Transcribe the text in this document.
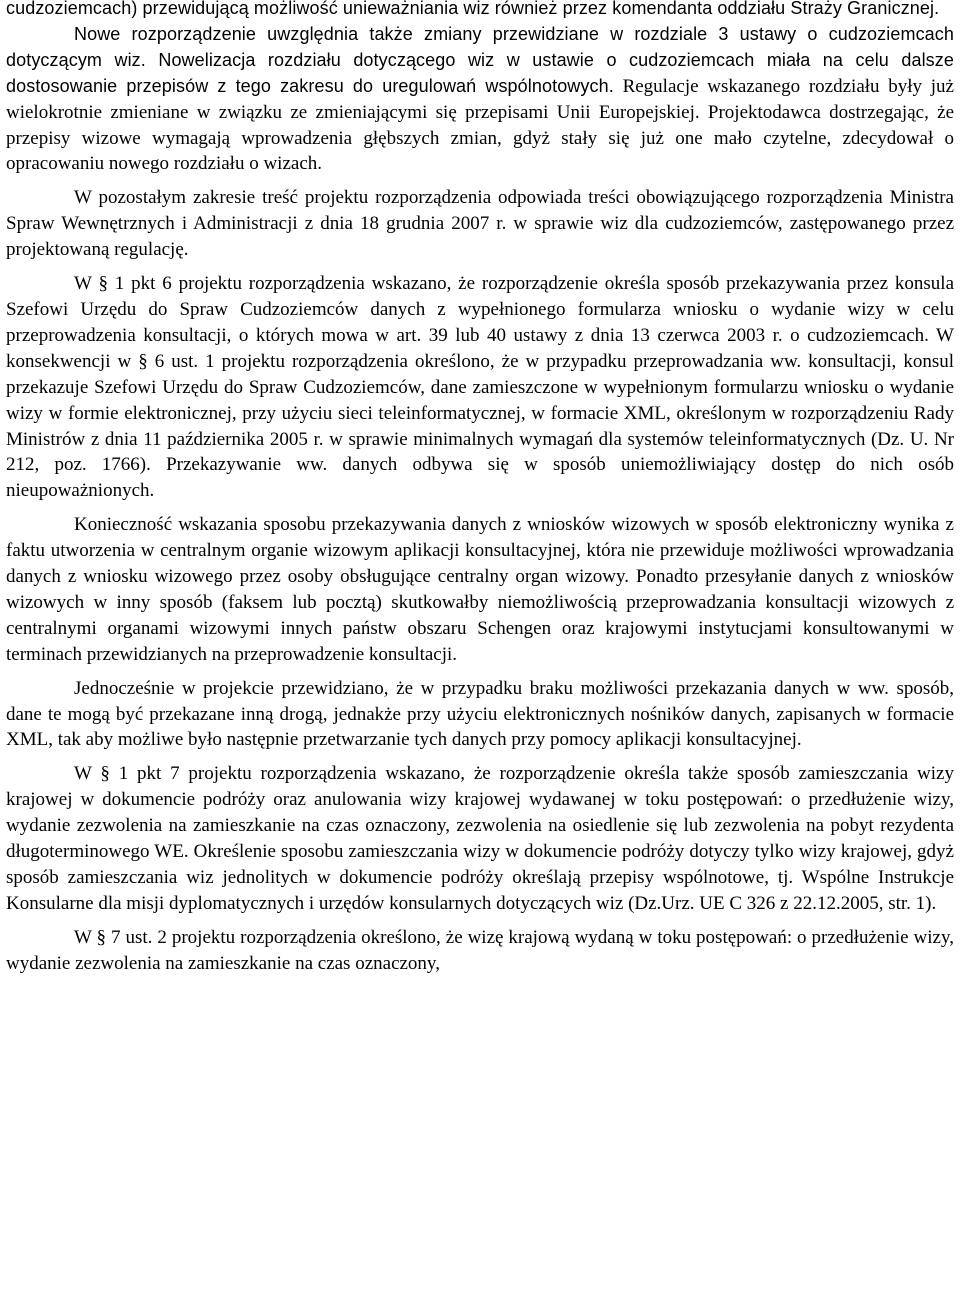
cudzoziemcach) przewidującą możliwość unieważniania wiz również przez komendanta oddziału Straży Granicznej.

Nowe rozporządzenie uwzględnia także zmiany przewidziane w rozdziale 3 ustawy o cudzoziemcach dotyczącym wiz. Nowelizacja rozdziału dotyczącego wiz w ustawie o cudzoziemcach miała na celu dalsze dostosowanie przepisów z tego zakresu do uregulowań wspólnotowych. Regulacje wskazanego rozdziału były już wielokrotnie zmieniane w związku ze zmieniającymi się przepisami Unii Europejskiej. Projektodawca dostrzegając, że przepisy wizowe wymagają wprowadzenia głębszych zmian, gdyż stały się już one mało czytelne, zdecydował o opracowaniu nowego rozdziału o wizach.

W pozostałym zakresie treść projektu rozporządzenia odpowiada treści obowiązującego rozporządzenia Ministra Spraw Wewnętrznych i Administracji z dnia 18 grudnia 2007 r. w sprawie wiz dla cudzoziemców, zastępowanego przez projektowaną regulację.

W § 1 pkt 6 projektu rozporządzenia wskazano, że rozporządzenie określa sposób przekazywania przez konsula Szefowi Urzędu do Spraw Cudzoziemców danych z wypełnionego formularza wniosku o wydanie wizy w celu przeprowadzenia konsultacji, o których mowa w art. 39 lub 40 ustawy z dnia 13 czerwca 2003 r. o cudzoziemcach. W konsekwencji w § 6 ust. 1 projektu rozporządzenia określono, że w przypadku przeprowadzania ww. konsultacji, konsul przekazuje Szefowi Urzędu do Spraw Cudzoziemców, dane zamieszczone w wypełnionym formularzu wniosku o wydanie wizy w formie elektronicznej, przy użyciu sieci teleinformatycznej, w formacie XML, określonym w rozporządzeniu Rady Ministrów z dnia 11 października 2005 r. w sprawie minimalnych wymagań dla systemów teleinformatycznych (Dz. U. Nr 212, poz. 1766). Przekazywanie ww. danych odbywa się w sposób uniemożliwiający dostęp do nich osób nieupoważnionych.

Konieczność wskazania sposobu przekazywania danych z wniosków wizowych w sposób elektroniczny wynika z faktu utworzenia w centralnym organie wizowym aplikacji konsultacyjnej, która nie przewiduje możliwości wprowadzania danych z wniosku wizowego przez osoby obsługujące centralny organ wizowy. Ponadto przesyłanie danych z wniosków wizowych w inny sposób (faksem lub pocztą) skutkowałby niemożliwością przeprowadzania konsultacji wizowych z centralnymi organami wizowymi innych państw obszaru Schengen oraz krajowymi instytucjami konsultowanymi w terminach przewidzianych na przeprowadzenie konsultacji.

Jednocześnie w projekcie przewidziano, że w przypadku braku możliwości przekazania danych w ww. sposób, dane te mogą być przekazane inną drogą, jednakże przy użyciu elektronicznych nośników danych, zapisanych w formacie XML, tak aby możliwe było następnie przetwarzanie tych danych przy pomocy aplikacji konsultacyjnej.

W § 1 pkt 7 projektu rozporządzenia wskazano, że rozporządzenie określa także sposób zamieszczania wizy krajowej w dokumencie podróży oraz anulowania wizy krajowej wydawanej w toku postępowań: o przedłużenie wizy, wydanie zezwolenia na zamieszkanie na czas oznaczony, zezwolenia na osiedlenie się lub zezwolenia na pobyt rezydenta długoterminowego WE. Określenie sposobu zamieszczania wizy w dokumencie podróży dotyczy tylko wizy krajowej, gdyż sposób zamieszczania wiz jednolitych w dokumencie podróży określają przepisy wspólnotowe, tj. Wspólne Instrukcje Konsularne dla misji dyplomatycznych i urzędów konsularnych dotyczących wiz (Dz.Urz. UE C 326 z 22.12.2005, str. 1).

W § 7 ust. 2 projektu rozporządzenia określono, że wizę krajową wydaną w toku postępowań: o przedłużenie wizy, wydanie zezwolenia na zamieszkanie na czas oznaczony,
